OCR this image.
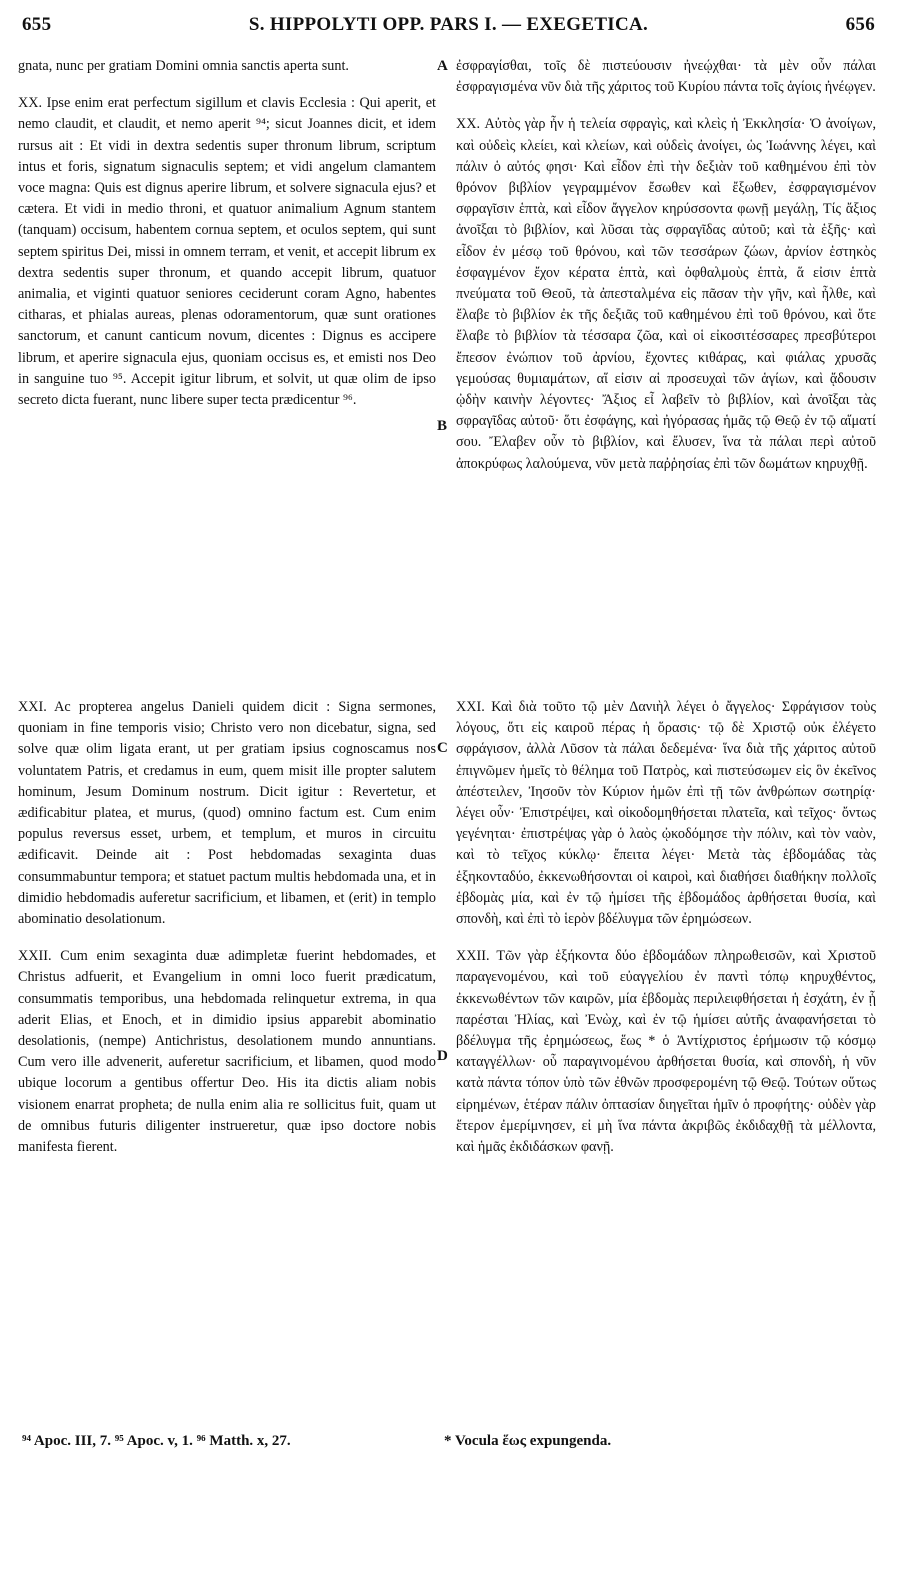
655	S. HIPPOLYTI OPP. PARS I. — EXEGETICA.	656

gnata, nunc per gratiam Domini omnia sanctis aperta sunt.

XX. Ipse enim erat perfectum sigillum et clavis Ecclesia : Qui aperit, et nemo claudit, et claudit, et nemo aperit ⁹⁴; sicut Joannes dicit, et idem rursus ait : Et vidi in dextra sedentis super thronum librum, scriptum intus et foris, signatum signaculis septem; et vidi angelum clamantem voce magna: Quis est dignus aperire librum, et solvere signacula ejus? et cætera. Et vidi in medio throni, et quatuor animalium Agnum stantem (tanquam) occisum, habentem cornua septem, et oculos septem, qui sunt septem spiritus Dei, missi in omnem terram, et venit, et accepit librum ex dextra sedentis super thronum, et quando accepit librum, quatuor animalia, et viginti quatuor seniores ceciderunt coram Agno, habentes citharas, et phialas aureas, plenas odoramentorum, quæ sunt orationes sanctorum, et canunt canticum novum, dicentes : Dignus es accipere librum, et aperire signacula ejus, quoniam occisus es, et emisti nos Deo in sanguine tuo ⁹⁵. Accepit igitur librum, et solvit, ut quæ olim de ipso secreto dicta fuerant, nunc libere super tecta prædicentur ⁹⁶.

XXI. Ac propterea angelus Danieli quidem dicit : Signa sermones, quoniam in fine temporis visio; Christo vero non dicebatur, signa, sed solve quæ olim ligata erant, ut per gratiam ipsius cognoscamus nos voluntatem Patris, et credamus in eum, quem misit ille propter salutem hominum, Jesum Dominum nostrum. Dicit igitur : Revertetur, et ædificabitur platea, et murus, (quod) omnino factum est. Cum enim populus reversus esset, urbem, et templum, et muros in circuitu ædificavit. Deinde ait : Post hebdomadas sexaginta duas consummabuntur tempora; et statuet pactum multis hebdomada una, et in dimidio hebdomadis auferetur sacrificium, et libamen, et (erit) in templo abominatio desolationum.

XXII. Cum enim sexaginta duæ adimpletæ fuerint hebdomades, et Christus adfuerit, et Evangelium in omni loco fuerit prædicatum, consummatis temporibus, una hebdomada relinquetur extrema, in qua aderit Elias, et Enoch, et in dimidio ipsius apparebit abominatio desolationis, (nempe) Antichristus, desolationem mundo annuntians. Cum vero ille advenerit, auferetur sacrificium, et libamen, quod modo ubique locorum a gentibus offertur Deo. His ita dictis aliam nobis visionem enarrat propheta; de nulla enim alia re sollicitus fuit, quam ut de omnibus futuris diligenter instrueretur, quæ ipso doctore nobis manifesta fierent.

ἐσφραγίσθαι, τοῖς δὲ πιστεύουσιν ἠνεῴχθαι· τὰ μὲν οὖν πάλαι ἐσφραγισμένα νῦν διὰ τῆς χάριτος τοῦ Κυρίου πάντα τοῖς ἁγίοις ἠνέῳγεν.

XX. Αὐτὸς γὰρ ἦν ἡ τελεία σφραγὶς, καὶ κλεὶς ἡ Ἐκκλησία· Ὁ ἀνοίγων, καὶ οὐδεὶς κλείει, καὶ κλείων, καὶ οὐδεὶς ἀνοίγει, ὡς Ἰωάννης λέγει, καὶ πάλιν ὁ αὐτός φησι· Καὶ εἶδον ἐπὶ τὴν δεξιὰν τοῦ καθημένου ἐπὶ τὸν θρόνον βιβλίον γεγραμμένον ἔσωθεν καὶ ἔξωθεν, ἐσφραγισμένον σφραγῖσιν ἑπτὰ, καὶ εἶδον ἄγγελον κηρύσσοντα φωνῇ μεγάλῃ, Τίς ἄξιος ἀνοῖξαι τὸ βιβλίον, καὶ λῦσαι τὰς σφραγῖδας αὐτοῦ; καὶ τὰ ἑξῆς· καὶ εἶδον ἐν μέσῳ τοῦ θρόνου, καὶ τῶν τεσσάρων ζώων, ἀρνίον ἑστηκὸς ἐσφαγμένον ἔχον κέρατα ἑπτὰ, καὶ ὀφθαλμοὺς ἑπτὰ, ἅ εἰσιν ἑπτὰ πνεύματα τοῦ Θεοῦ, τὰ ἀπεσταλμένα εἰς πᾶσαν τὴν γῆν, καὶ ἦλθε, καὶ ἔλαβε τὸ βιβλίον ἐκ τῆς δεξιᾶς τοῦ καθημένου ἐπὶ τοῦ θρόνου, καὶ ὅτε ἔλαβε τὸ βιβλίον τὰ τέσσαρα ζῶα, καὶ οἱ εἰκοσιτέσσαρες πρεσβύτεροι ἔπεσον ἐνώπιον τοῦ ἀρνίου, ἔχοντες κιθάρας, καὶ φιάλας χρυσᾶς γεμούσας θυμιαμάτων, αἵ εἰσιν αἱ προσευχαὶ τῶν ἁγίων, καὶ ᾄδουσιν ᾠδὴν καινὴν λέγοντες· Ἄξιος εἶ λαβεῖν τὸ βιβλίον, καὶ ἀνοῖξαι τὰς σφραγῖδας αὐτοῦ· ὅτι ἐσφάγης, καὶ ἠγόρασας ἡμᾶς τῷ Θεῷ ἐν τῷ αἵματί σου. Ἔλαβεν οὖν τὸ βιβλίον, καὶ ἔλυσεν, ἵνα τὰ πάλαι περὶ αὐτοῦ ἀποκρύφως λαλούμενα, νῦν μετὰ παῤῥησίας ἐπὶ τῶν δωμάτων κηρυχθῇ.

XXI. Καὶ διὰ τοῦτο τῷ μὲν Δανιὴλ λέγει ὁ ἄγγελος· Σφράγισον τοὺς λόγους, ὅτι εἰς καιροῦ πέρας ἡ ὅρασις· τῷ δὲ Χριστῷ οὐκ ἐλέγετο σφράγισον, ἀλλὰ Λῦσον τὰ πάλαι δεδεμένα· ἵνα διὰ τῆς χάριτος αὐτοῦ ἐπιγνῶμεν ἡμεῖς τὸ θέλημα τοῦ Πατρὸς, καὶ πιστεύσωμεν εἰς ὃν ἐκεῖνος ἀπέστειλεν, Ἰησοῦν τὸν Κύριον ἡμῶν ἐπὶ τῇ τῶν ἀνθρώπων σωτηρίᾳ· λέγει οὖν· Ἐπιστρέψει, καὶ οἰκοδομηθήσεται πλατεῖα, καὶ τεῖχος· ὄντως γεγένηται· ἐπιστρέψας γὰρ ὁ λαὸς ᾠκοδόμησε τὴν πόλιν, καὶ τὸν ναὸν, καὶ τὸ τεῖχος κύκλῳ· ἔπειτα λέγει· Μετὰ τὰς ἑβδομάδας τὰς ἑξηκονταδύο, ἐκκενωθήσονται οἱ καιροὶ, καὶ διαθήσει διαθήκην πολλοῖς ἑβδομὰς μία, καὶ ἐν τῷ ἡμίσει τῆς ἑβδομάδος ἀρθήσεται θυσία, καὶ σπονδὴ, καὶ ἐπὶ τὸ ἱερὸν βδέλυγμα τῶν ἐρημώσεων.

XXII. Τῶν γὰρ ἑξήκοντα δύο ἑβδομάδων πληρωθεισῶν, καὶ Χριστοῦ παραγενομένου, καὶ τοῦ εὐαγγελίου ἐν παντὶ τόπῳ κηρυχθέντος, ἐκκενωθέντων τῶν καιρῶν, μία ἑβδομὰς περιλειφθήσεται ἡ ἐσχάτη, ἐν ᾗ παρέσται Ἠλίας, καὶ Ἐνὼχ, καὶ ἐν τῷ ἡμίσει αὐτῆς ἀναφανήσεται τὸ βδέλυγμα τῆς ἐρημώσεως, ἕως * ὁ Ἀντίχριστος ἐρήμωσιν τῷ κόσμῳ καταγγέλλων· οὗ παραγινομένου ἀρθήσεται θυσία, καὶ σπονδὴ, ἡ νῦν κατὰ πάντα τόπον ὑπὸ τῶν ἐθνῶν προσφερομένη τῷ Θεῷ. Τούτων οὕτως εἰρημένων, ἑτέραν πάλιν ὀπτασίαν διηγεῖται ἡμῖν ὁ προφήτης· οὐδὲν γὰρ ἕτερον ἐμερίμνησεν, εἰ μὴ ἵνα πάντα ἀκριβῶς ἐκδιδαχθῇ τὰ μέλλοντα, καὶ ἡμᾶς ἐκδιδάσκων φανῇ.

A
B
C
D
⁹⁴ Apoc. III, 7. ⁹⁵ Apoc. v, 1. ⁹⁶ Matth. x, 27.	* Vocula ἕως expungenda.
